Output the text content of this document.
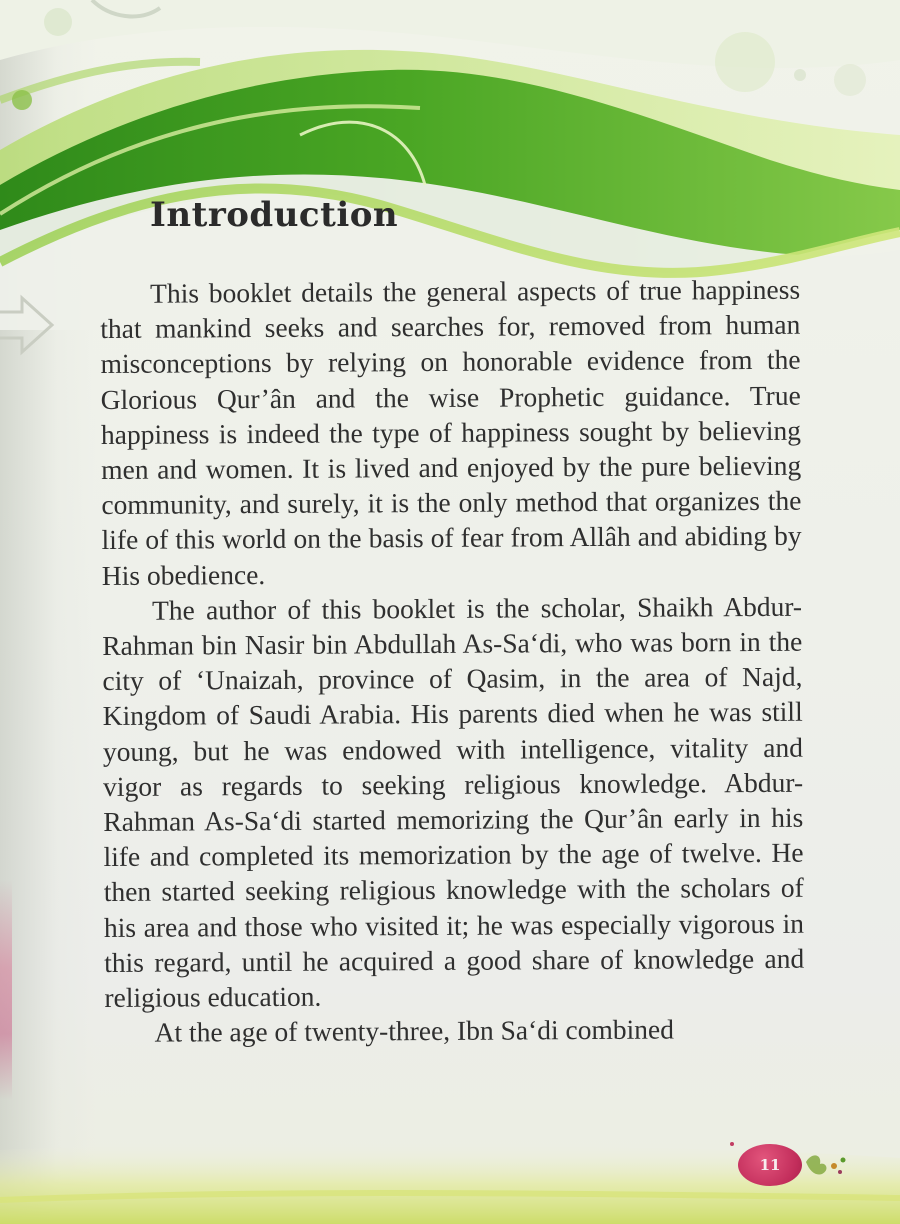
Introduction

This booklet details the general aspects of true happiness that mankind seeks and searches for, removed from human misconceptions by relying on honorable evidence from the Glorious Qur’ân and the wise Prophetic guidance. True happiness is indeed the type of happiness sought by believing men and women. It is lived and enjoyed by the pure believing community, and surely, it is the only method that organizes the life of this world on the basis of fear from Allâh and abiding by His obedience.

The author of this booklet is the scholar, Shaikh Abdur- Rahman bin Nasir bin Abdullah As-Sa‘di, who was born in the city of ‘Unaizah, province of Qasim, in the area of Najd, Kingdom of Saudi Arabia. His parents died when he was still young, but he was endowed with intelligence, vitality and vigor as regards to seeking religious knowledge. Abdur-Rahman As-Sa‘di started memorizing the Qur’ân early in his life and completed its memorization by the age of twelve. He then started seeking religious knowledge with the scholars of his area and those who visited it; he was especially vigorous in this regard, until he acquired a good share of knowledge and religious education.

At the age of twenty-three, Ibn Sa‘di combined

11
